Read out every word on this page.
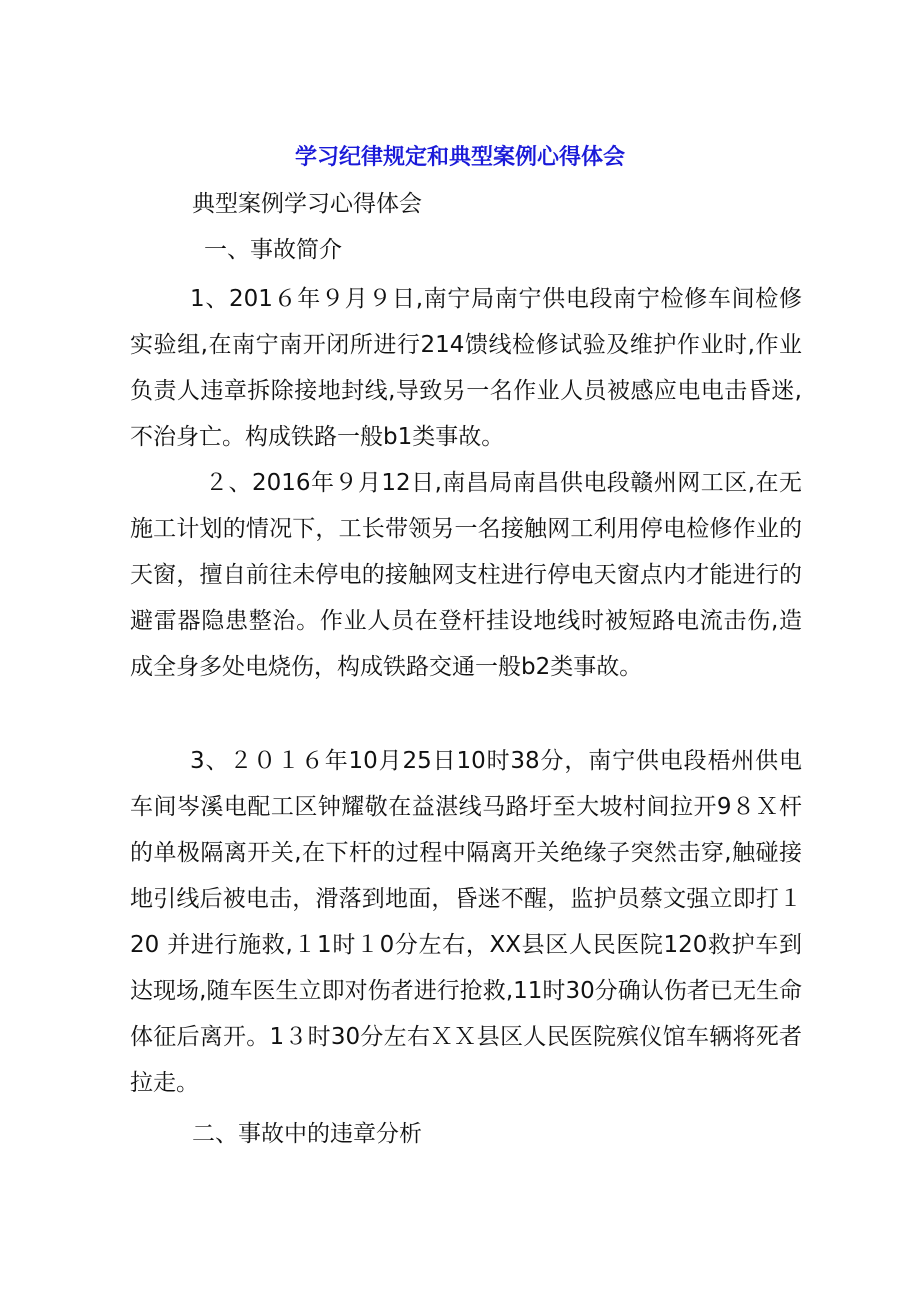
学习纪律规定和典型案例心得体会
典型案例学习心得体会
一、事故简介
1、201６年９月９日,南宁局南宁供电段南宁检修车间检修实验组,在南宁南开闭所进行214馈线检修试验及维护作业时,作业负责人违章拆除接地封线,导致另一名作业人员被感应电电击昏迷,不治身亡。构成铁路一般b1类事故。
２、2016年９月12日,南昌局南昌供电段赣州网工区,在无施工计划的情况下，工长带领另一名接触网工利用停电检修作业的天窗，擅自前往未停电的接触网支柱进行停电天窗点内才能进行的避雷器隐患整治。作业人员在登杆挂设地线时被短路电流击伤,造成全身多处电烧伤，构成铁路交通一般b2类事故。
3、２０１６年10月25日10时38分，南宁供电段梧州供电车间岑溪电配工区钟耀敬在益湛线马路圩至大坡村间拉开9８Ｘ杆的单极隔离开关,在下杆的过程中隔离开关绝缘子突然击穿,触碰接地引线后被电击，滑落到地面，昏迷不醒，监护员蔡文强立即打１20 并进行施救,１1时１0分左右，XX县区人民医院120救护车到达现场,随车医生立即对伤者进行抢救,11时30分确认伤者已无生命体征后离开。1３时30分左右ＸＸ县区人民医院殡仪馆车辆将死者拉走。
二、事故中的违章分析
